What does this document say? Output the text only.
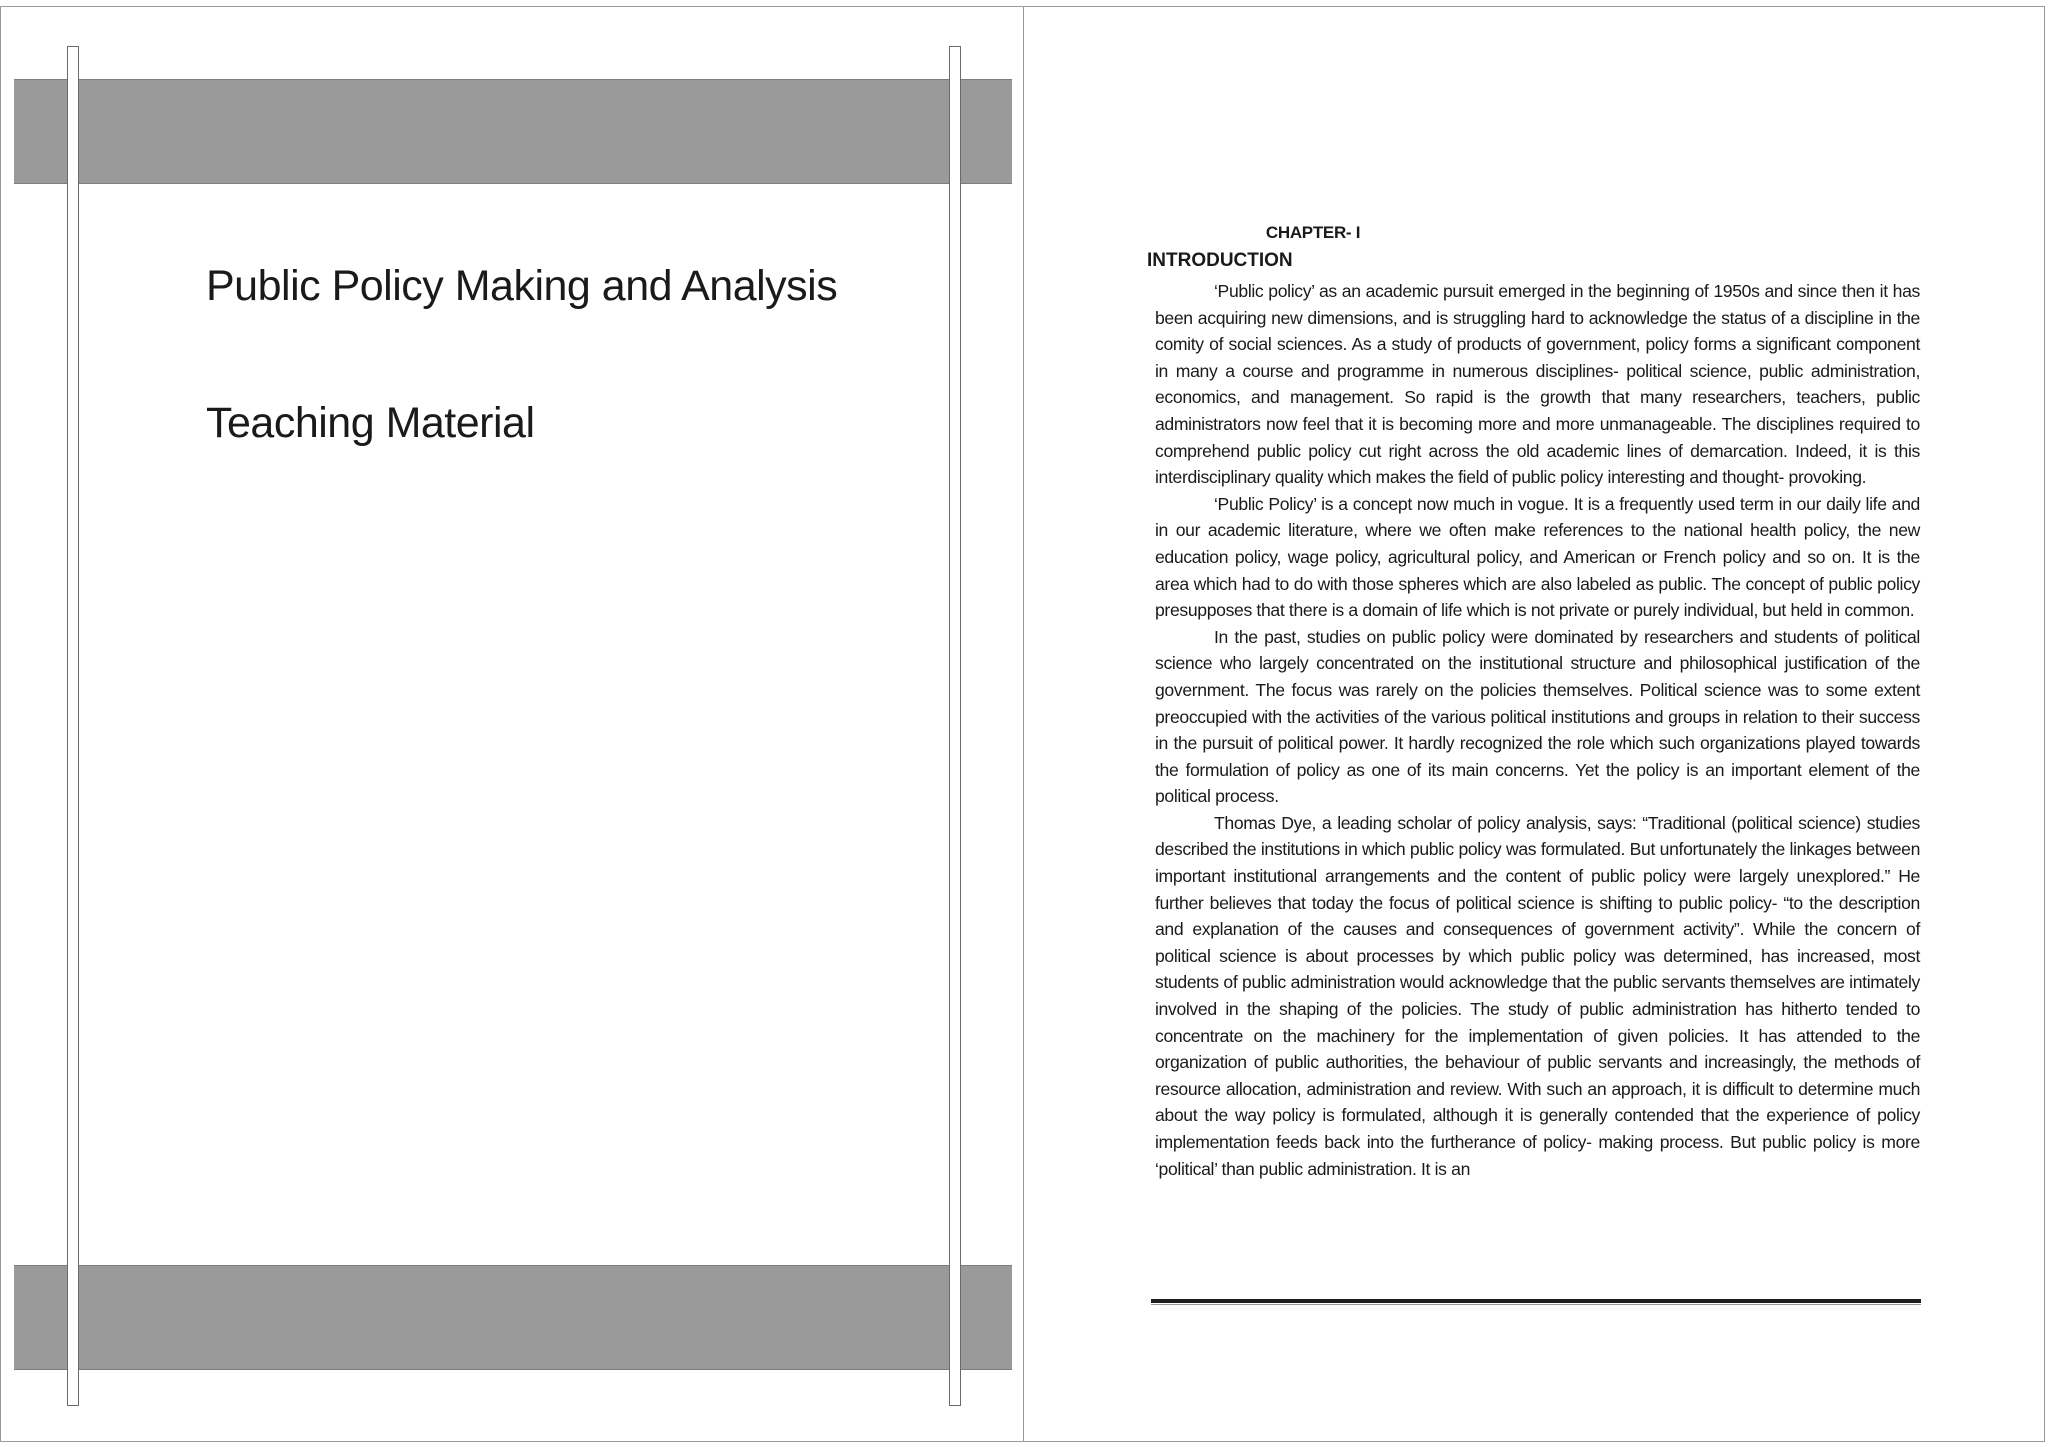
Public Policy Making and Analysis
Teaching Material
CHAPTER- I
INTRODUCTION

‘Public policy’ as an academic pursuit emerged in the beginning of 1950s and since then it has been acquiring new dimensions, and is struggling hard to acknowledge the status of a discipline in the comity of social sciences. As a study of products of government, policy forms a significant component in many a course and programme in numerous disciplines- political science, public administration, economics, and management. So rapid is the growth that many researchers, teachers, public administrators now feel that it is becoming more and more unmanageable. The disciplines required to comprehend public policy cut right across the old academic lines of demarcation. Indeed, it is this interdisciplinary quality which makes the field of public policy interesting and thought- provoking.

‘Public Policy’ is a concept now much in vogue. It is a frequently used term in our daily life and in our academic literature, where we often make references to the national health policy, the new education policy, wage policy, agricultural policy, and American or French policy and so on. It is the area which had to do with those spheres which are also labeled as public. The concept of public policy presupposes that there is a domain of life which is not private or purely individual, but held in common.

In the past, studies on public policy were dominated by researchers and students of political science who largely concentrated on the institutional structure and philosophical justification of the government. The focus was rarely on the policies themselves. Political science was to some extent preoccupied with the activities of the various political institutions and groups in relation to their success in the pursuit of political power. It hardly recognized the role which such organizations played towards the formulation of policy as one of its main concerns. Yet the policy is an important element of the political process.

Thomas Dye, a leading scholar of policy analysis, says: “Traditional (political science) studies described the institutions in which public policy was formulated. But unfortunately the linkages between important institutional arrangements and the content of public policy were largely unexplored.” He further believes that today the focus of political science is shifting to public policy- “to the description and explanation of the causes and consequences of government activity”. While the concern of political science is about processes by which public policy was determined, has increased, most students of public administration would acknowledge that the public servants themselves are intimately involved in the shaping of the policies. The study of public administration has hitherto tended to concentrate on the machinery for the implementation of given policies. It has attended to the organization of public authorities, the behaviour of public servants and increasingly, the methods of resource allocation, administration and review. With such an approach, it is difficult to determine much about the way policy is formulated, although it is generally contended that the experience of policy implementation feeds back into the furtherance of policy- making process. But public policy is more ‘political’ than public administration. It is an
